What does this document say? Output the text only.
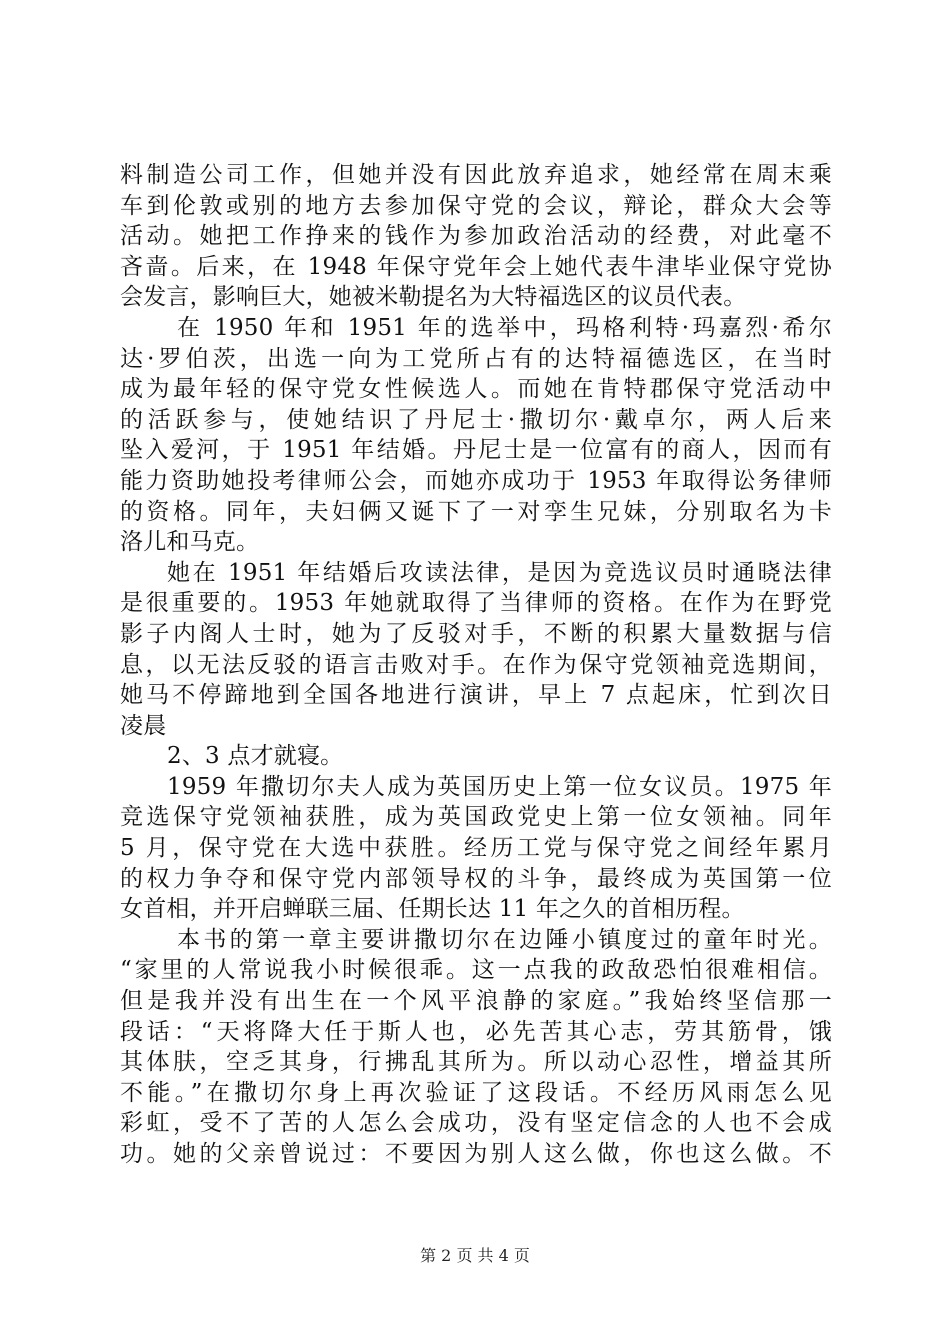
料制造公司工作，但她并没有因此放弃追求，她经常在周末乘
车到伦敦或别的地方去参加保守党的会议，辩论，群众大会等
活动。她把工作挣来的钱作为参加政治活动的经费，对此毫不
吝啬。后来，在 1948 年保守党年会上她代表牛津毕业保守党协
会发言，影响巨大，她被米勒提名为大特福选区的议员代表。
在 1950 年和 1951 年的选举中，玛格利特·玛嘉烈·希尔
达·罗伯茨，出选一向为工党所占有的达特福德选区，在当时
成为最年轻的保守党女性候选人。而她在肯特郡保守党活动中
的活跃参与，使她结识了丹尼士·撒切尔·戴卓尔，两人后来
坠入爱河，于 1951 年结婚。丹尼士是一位富有的商人，因而有
能力资助她投考律师公会，而她亦成功于 1953 年取得讼务律师
的资格。同年，夫妇俩又诞下了一对孪生兄妹，分别取名为卡
洛儿和马克。
她在 1951 年结婚后攻读法律，是因为竞选议员时通晓法律
是很重要的。1953 年她就取得了当律师的资格。在作为在野党
影子内阁人士时，她为了反驳对手，不断的积累大量数据与信
息，以无法反驳的语言击败对手。在作为保守党领袖竞选期间，
她马不停蹄地到全国各地进行演讲，早上 7 点起床，忙到次日
凌晨
2、3 点才就寝。
1959 年撒切尔夫人成为英国历史上第一位女议员。1975 年
竞选保守党领袖获胜，成为英国政党史上第一位女领袖。同年
5 月，保守党在大选中获胜。经历工党与保守党之间经年累月
的权力争夺和保守党内部领导权的斗争，最终成为英国第一位
女首相，并开启蝉联三届、任期长达 11 年之久的首相历程。
本书的第一章主要讲撒切尔在边陲小镇度过的童年时光。
“家里的人常说我小时候很乖。这一点我的政敌恐怕很难相信。
但是我并没有出生在一个风平浪静的家庭。”我始终坚信那一
段话：“天将降大任于斯人也，必先苦其心志，劳其筋骨，饿
其体肤，空乏其身，行拂乱其所为。所以动心忍性，增益其所
不能。”在撒切尔身上再次验证了这段话。不经历风雨怎么见
彩虹，受不了苦的人怎么会成功，没有坚定信念的人也不会成
功。她的父亲曾说过：不要因为别人这么做，你也这么做。不
第 2 页 共 4 页
